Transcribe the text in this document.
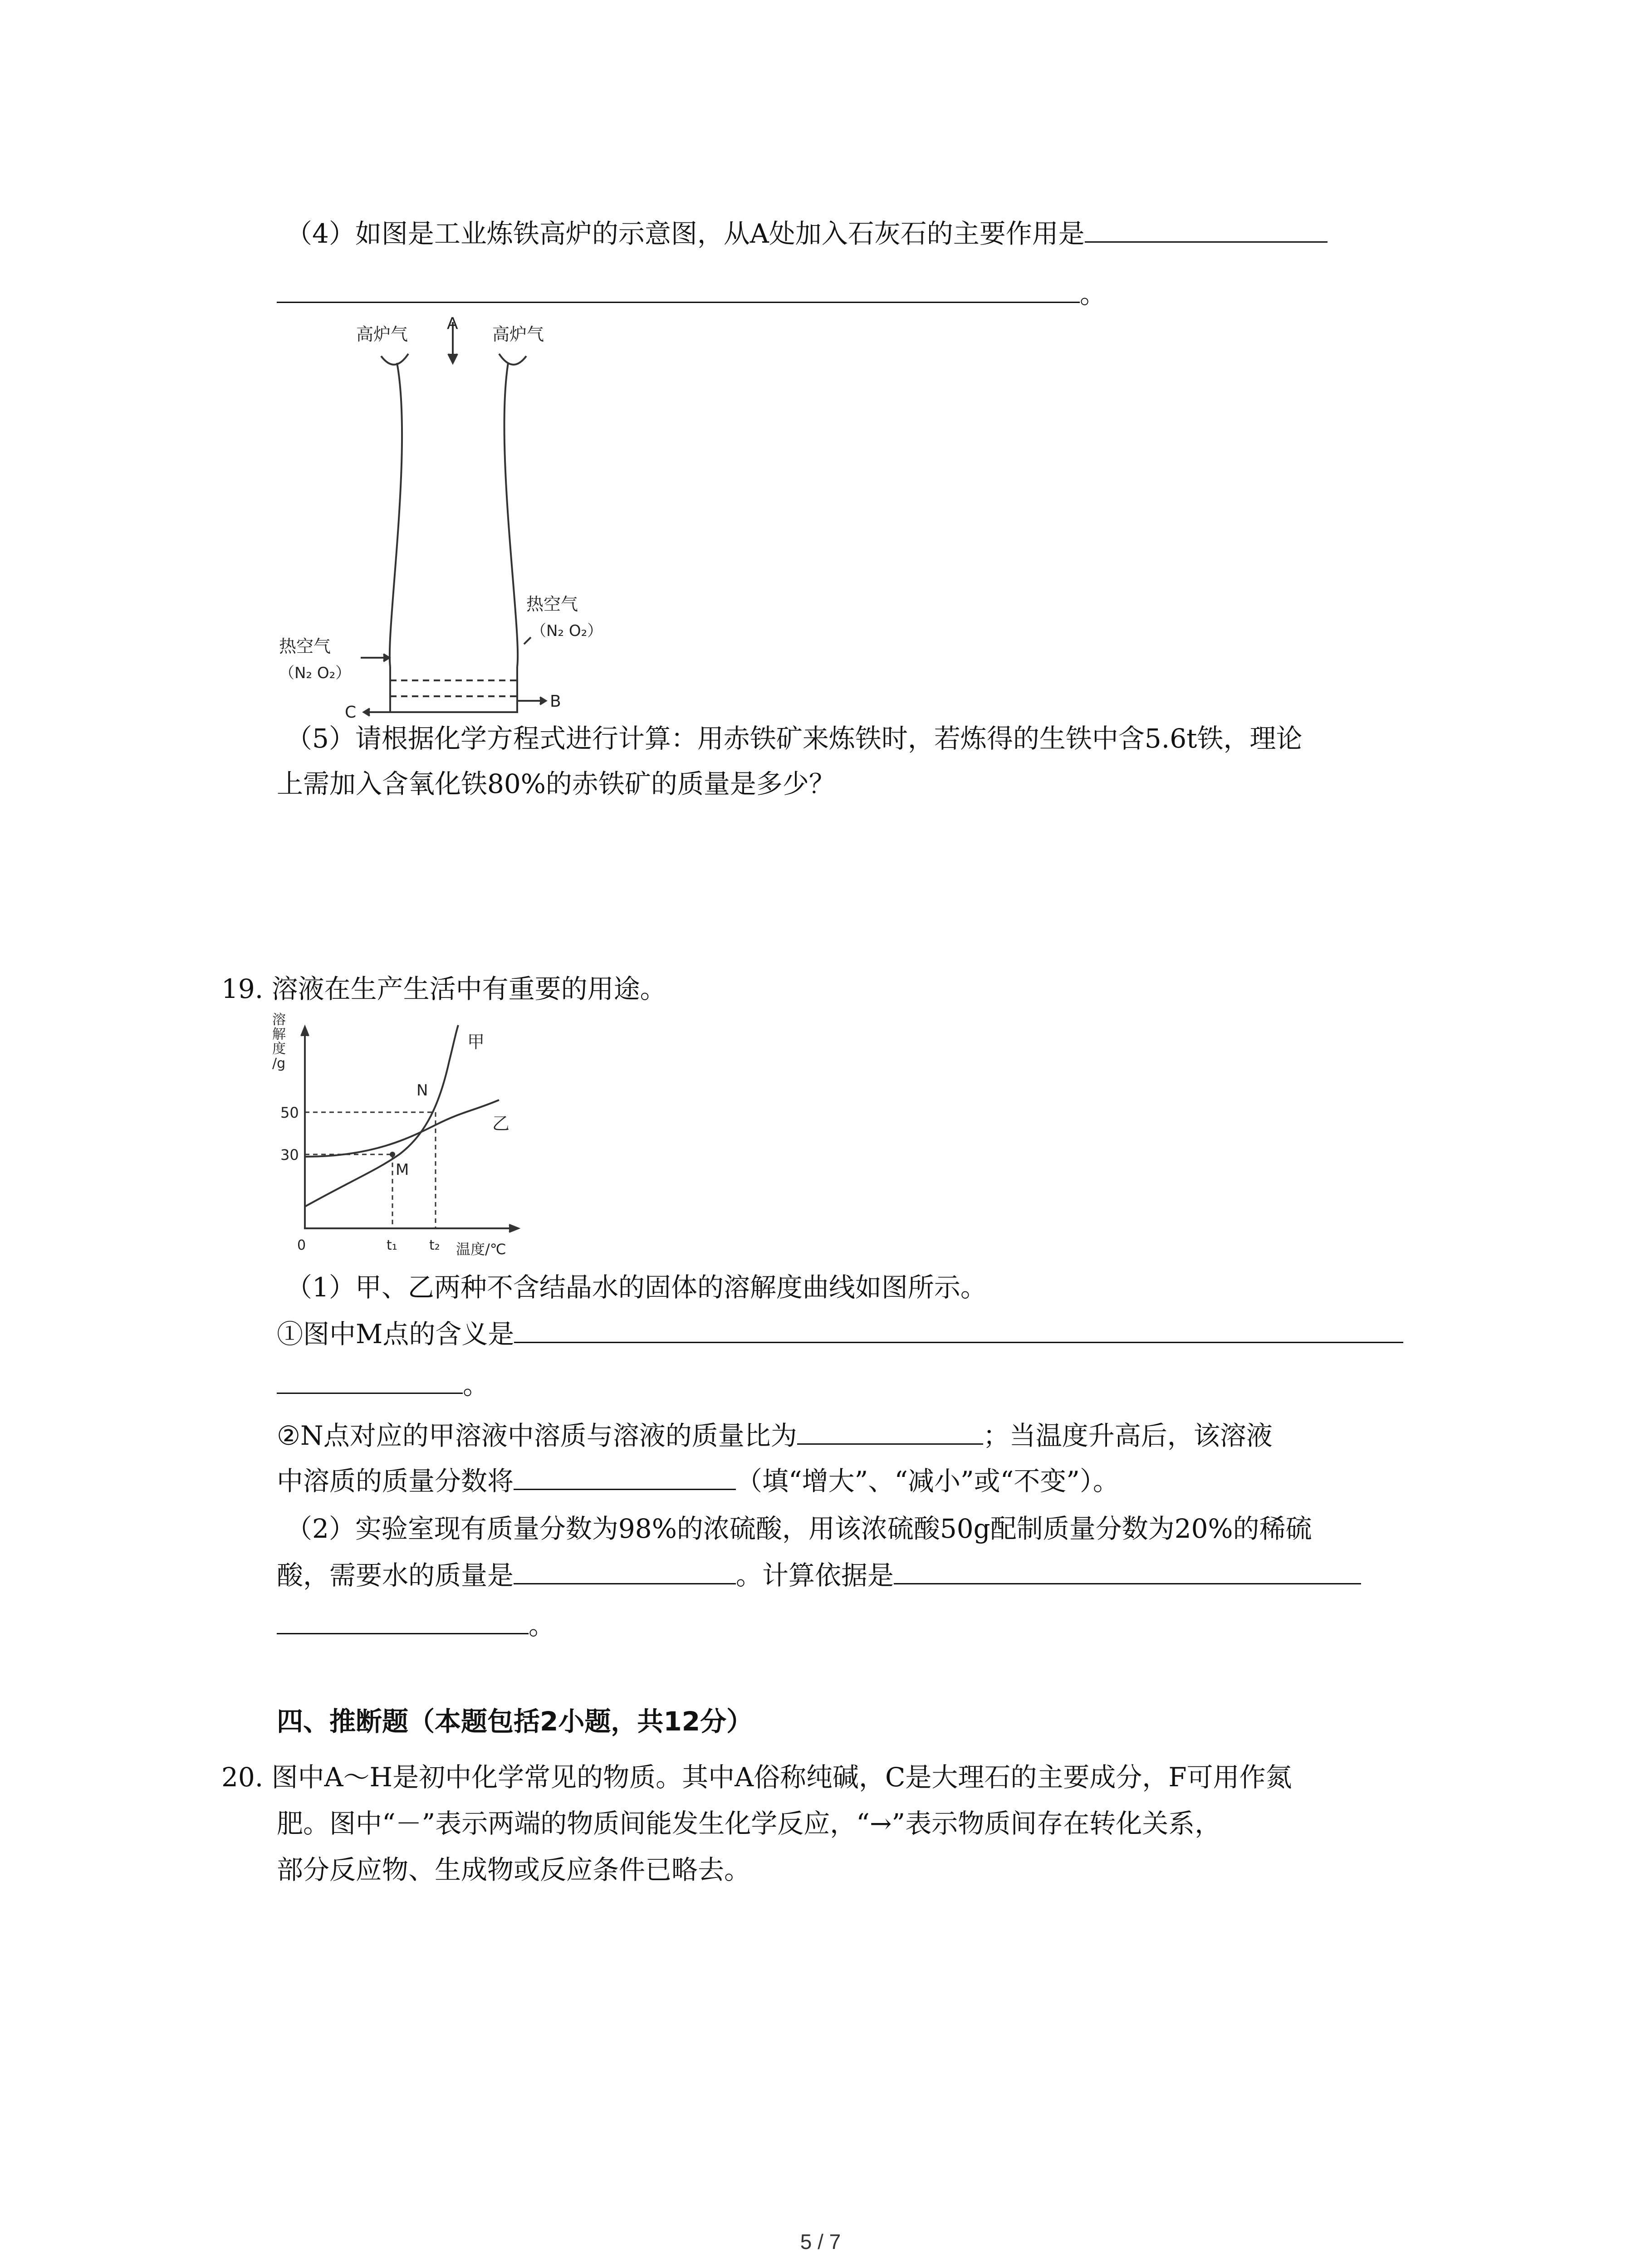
（4）如图是工业炼铁高炉的示意图，从A处加入石灰石的主要作用是
。
高炉气
A
高炉气
热空气
（N₂ O₂）
热空气
（N₂ O₂）
B
C
（5）请根据化学方程式进行计算：用赤铁矿来炼铁时，若炼得的生铁中含5.6t铁，理论
上需加入含氧化铁80%的赤铁矿的质量是多少？
19. 溶液在生产生活中有重要的用途。
溶
解
度
/g
50
30
0	t₁ t₂ 温度/℃
甲
乙
N
M
（1）甲、乙两种不含结晶水的固体的溶解度曲线如图所示。
①图中M点的含义是
。
②N点对应的甲溶液中溶质与溶液的质量比为	；当温度升高后，该溶液
中溶质的质量分数将	（填“增大”、“减小”或“不变”）。
（2）实验室现有质量分数为98%的浓硫酸，用该浓硫酸50g配制质量分数为20%的稀硫
酸，需要水的质量是	。计算依据是
。
四、推断题（本题包括2小题，共12分）
20. 图中A～H是初中化学常见的物质。其中A俗称纯碱，C是大理石的主要成分，F可用作氮
肥。图中“－”表示两端的物质间能发生化学反应，“→”表示物质间存在转化关系，
部分反应物、生成物或反应条件已略去。
5 / 7
